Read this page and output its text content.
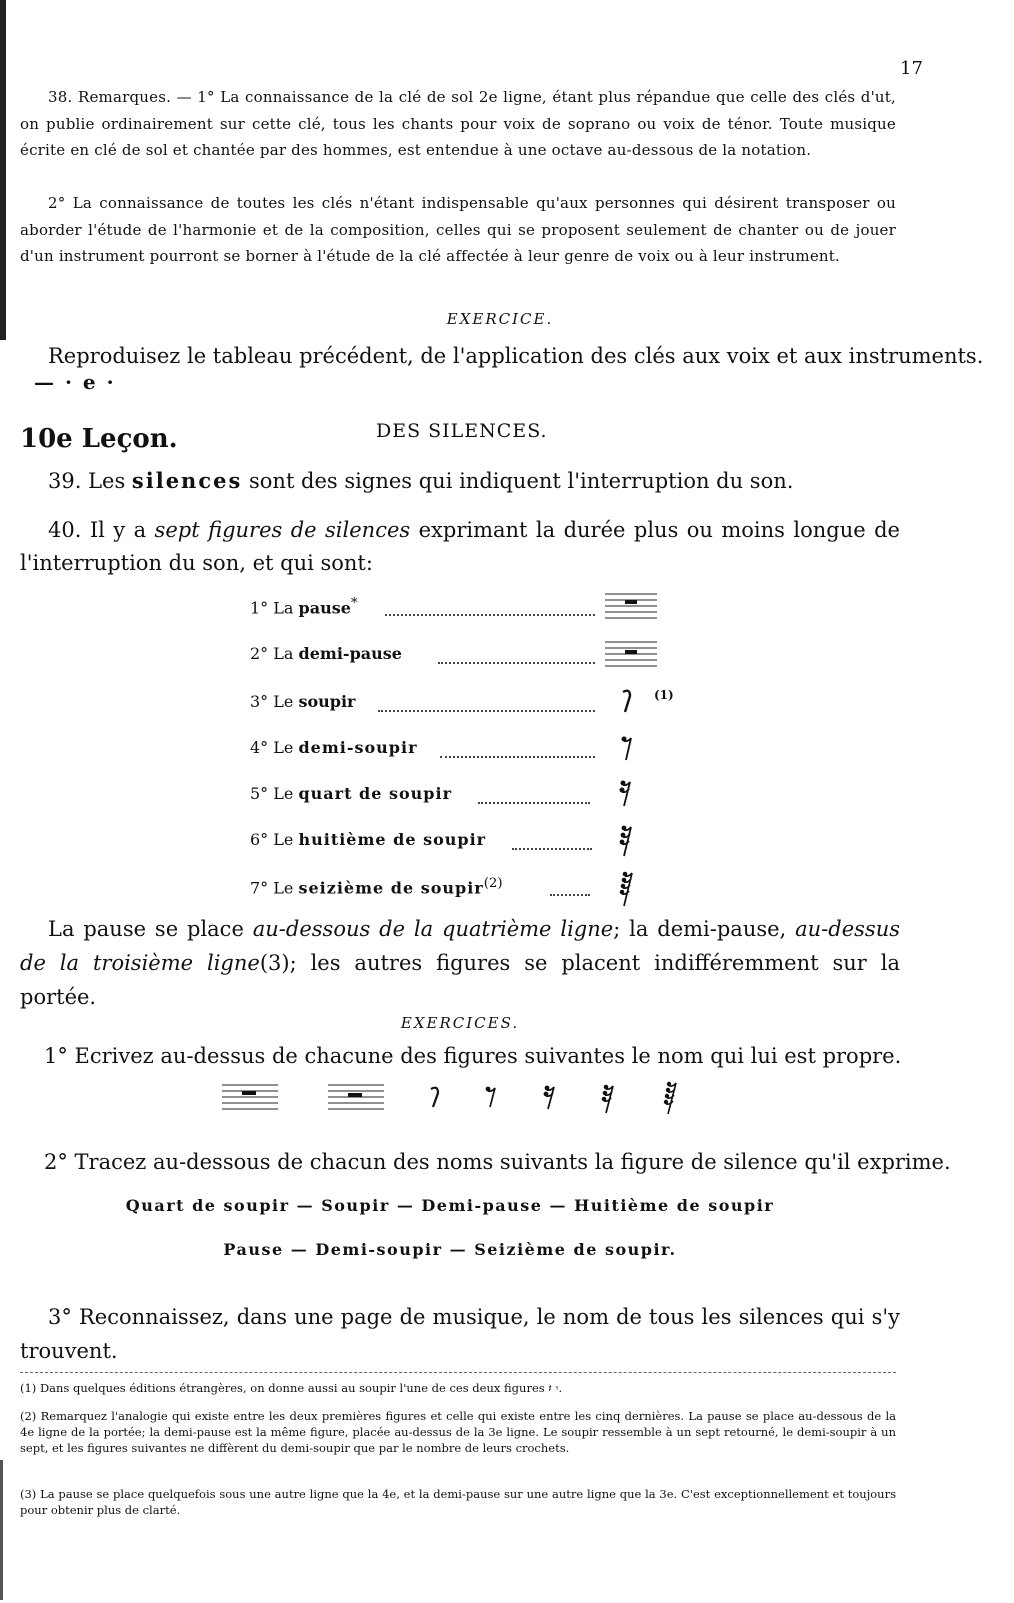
17
38. Remarques. — 1° La connaissance de la clé de sol 2e ligne, étant plus répandue que celle des clés d'ut, on publie ordinairement sur cette clé, tous les chants pour voix de soprano ou voix de ténor. Toute musique écrite en clé de sol et chantée par des hommes, est entendue à une octave au-dessous de la notation.
2° La connaissance de toutes les clés n'étant indispensable qu'aux personnes qui désirent transposer ou aborder l'étude de l'harmonie et de la composition, celles qui se proposent seulement de chanter ou de jouer d'un instrument pourront se borner à l'étude de la clé affectée à leur genre de voix ou à leur instrument.
EXERCICE.
Reproduisez le tableau précédent, de l'application des clés aux voix et aux instruments.
— · e ·
10e Leçon.	DES SILENCES.
39. Les silences sont des signes qui indiquent l'interruption du son.
40. Il y a sept figures de silences exprimant la durée plus ou moins longue de l'interruption du son, et qui sont:
1° La pause*
2° La demi-pause
3° Le soupir	(1)
4° Le demi-soupir
5° Le quart de soupir
6° Le huitième de soupir
7° Le seizième de soupir$^{(2)}$
La pause se place au-dessous de la quatrième ligne; la demi-pause, au-dessus de la troisième ligne(3); les autres figures se placent indifféremment sur la portée.
EXERCICES.
1° Ecrivez au-dessus de chacune des figures suivantes le nom qui lui est propre.
2° Tracez au-dessous de chacun des noms suivants la figure de silence qu'il exprime.
Quart de soupir — Soupir — Demi-pause — Huitième de soupir
Pause — Demi-soupir — Seizième de soupir.
3° Reconnaissez, dans une page de musique, le nom de tous les silences qui s'y trouvent.
(1) Dans quelques éditions étrangères, on donne aussi au soupir l'une de ces deux figures 𝄽 𝄾.
(2) Remarquez l'analogie qui existe entre les deux premières figures et celle qui existe entre les cinq dernières. La pause se place au-dessous de la 4e ligne de la portée; la demi-pause est la même figure, placée au-dessus de la 3e ligne. Le soupir ressemble à un sept retourné, le demi-soupir à un sept, et les figures suivantes ne diffèrent du demi-soupir que par le nombre de leurs crochets.
(3) La pause se place quelquefois sous une autre ligne que la 4e, et la demi-pause sur une autre ligne que la 3e. C'est exceptionnellement et toujours pour obtenir plus de clarté.
